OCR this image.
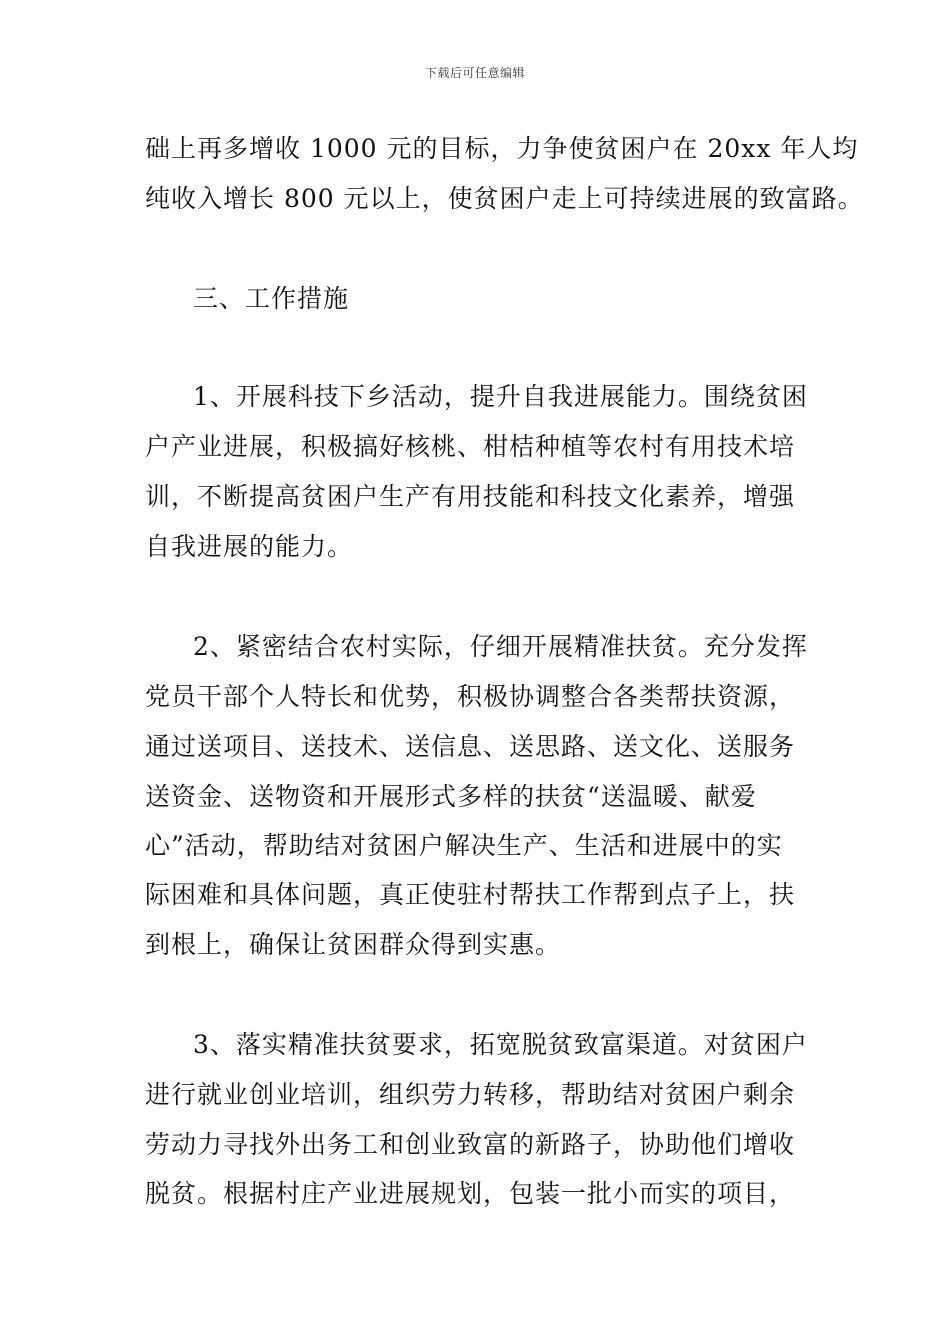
下载后可任意编辑
础上再多增收 1000 元的目标，力争使贫困户在 20xx 年人均
纯收入增长 800 元以上，使贫困户走上可持续进展的致富路。
三、工作措施
1、开展科技下乡活动，提升自我进展能力。围绕贫困
户产业进展，积极搞好核桃、柑桔种植等农村有用技术培
训，不断提高贫困户生产有用技能和科技文化素养，增强
自我进展的能力。
2、紧密结合农村实际，仔细开展精准扶贫。充分发挥
党员干部个人特长和优势，积极协调整合各类帮扶资源，
通过送项目、送技术、送信息、送思路、送文化、送服务
送资金、送物资和开展形式多样的扶贫“送温暖、献爱
心”活动，帮助结对贫困户解决生产、生活和进展中的实
际困难和具体问题，真正使驻村帮扶工作帮到点子上，扶
到根上，确保让贫困群众得到实惠。
3、落实精准扶贫要求，拓宽脱贫致富渠道。对贫困户
进行就业创业培训，组织劳力转移，帮助结对贫困户剩余
劳动力寻找外出务工和创业致富的新路子，协助他们增收
脱贫。根据村庄产业进展规划，包装一批小而实的项目，
